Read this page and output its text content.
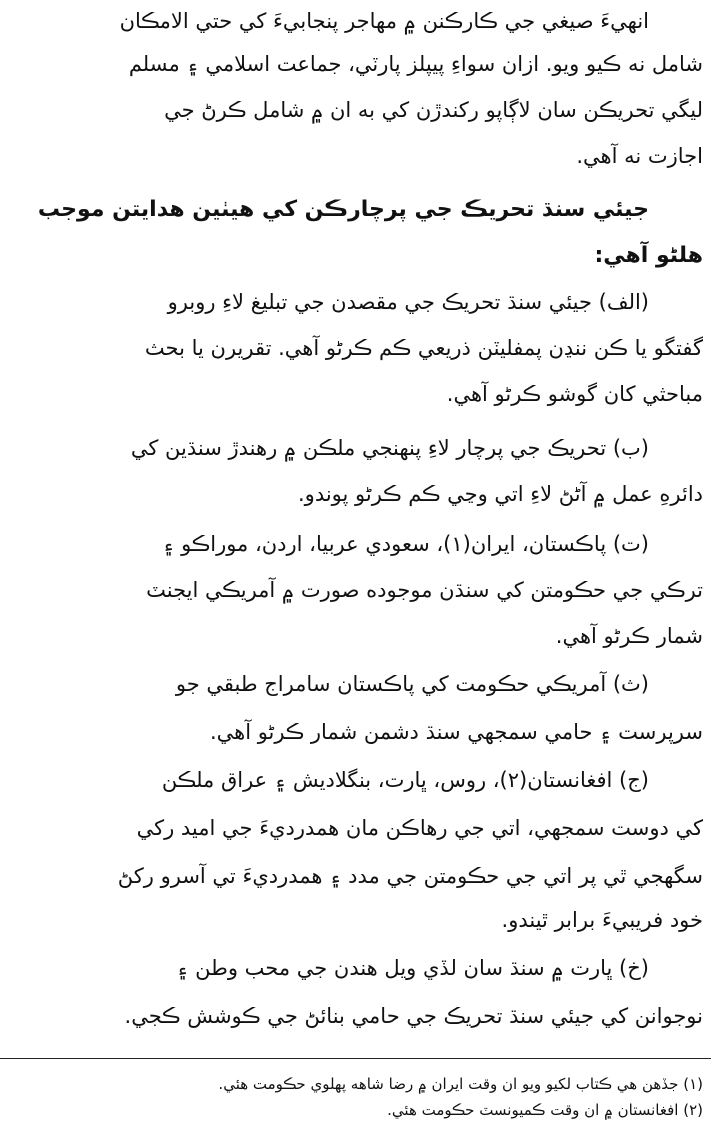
انهيءَ صيغي جي ڪارڪنن ۾ مهاجر پنجابيءَ کي حتي الامڪان
شامل نه ڪيو ويو. ازان سواءِ پيپلز پارٽي، جماعت اسلامي ۽ مسلم
ليگي تحريڪن سان لاڳاپو رکندڙن کي به ان ۾ شامل ڪرڻ جي
اجازت نه آهي.
جيئي سنڌ تحريڪ جي پرچارڪن کي هيٺين هدايتن موجب
هلڻو آهي:
(الف) جيئي سنڌ تحريڪ جي مقصدن جي تبليغ لاءِ روبرو
گفتگو يا ڪن ننڍن پمفليٽن ذريعي ڪم ڪرڻو آهي. تقريرن يا بحث
مباحثي کان گوشو ڪرڻو آهي.
(ب) تحريڪ جي پرچار لاءِ پنهنجي ملڪن ۾ رهندڙ سنڌين کي
دائرهِ عمل ۾ آڻڻ لاءِ اتي وڃي ڪم ڪرڻو پوندو.
(ت) پاڪستان، ايران(١)، سعودي عربيا، اردن، موراڪو ۽
ترڪي جي حڪومتن کي سنڌن موجوده صورت ۾ آمريڪي ايجنٽ
شمار ڪرڻو آهي.
(ث) آمريڪي حڪومت کي پاڪستان سامراج طبقي جو
سرپرست ۽ حامي سمجهي سنڌ دشمن شمار ڪرڻو آهي.
(ج) افغانستان(٢)، روس، ڀارت، بنگلاديش ۽ عراق ملڪن
کي دوست سمجهي، اتي جي رهاڪن مان همدرديءَ جي اميد رکي
سگهجي ٿي پر اتي جي حڪومتن جي مدد ۽ همدرديءَ تي آسرو رکڻ
خود فريبيءَ برابر ٿيندو.
(خ) ڀارت ۾ سنڌ سان لڏي ويل هندن جي محب وطن ۽
نوجوانن کي جيئي سنڌ تحريڪ جي حامي بنائڻ جي ڪوشش ڪجي.
(١) جڏهن هي ڪتاب لکيو ويو ان وقت ايران ۾ رضا شاهه پهلوي حڪومت هئي.
(٢) افغانستان ۾ ان وقت ڪميونسٽ حڪومت هئي.
